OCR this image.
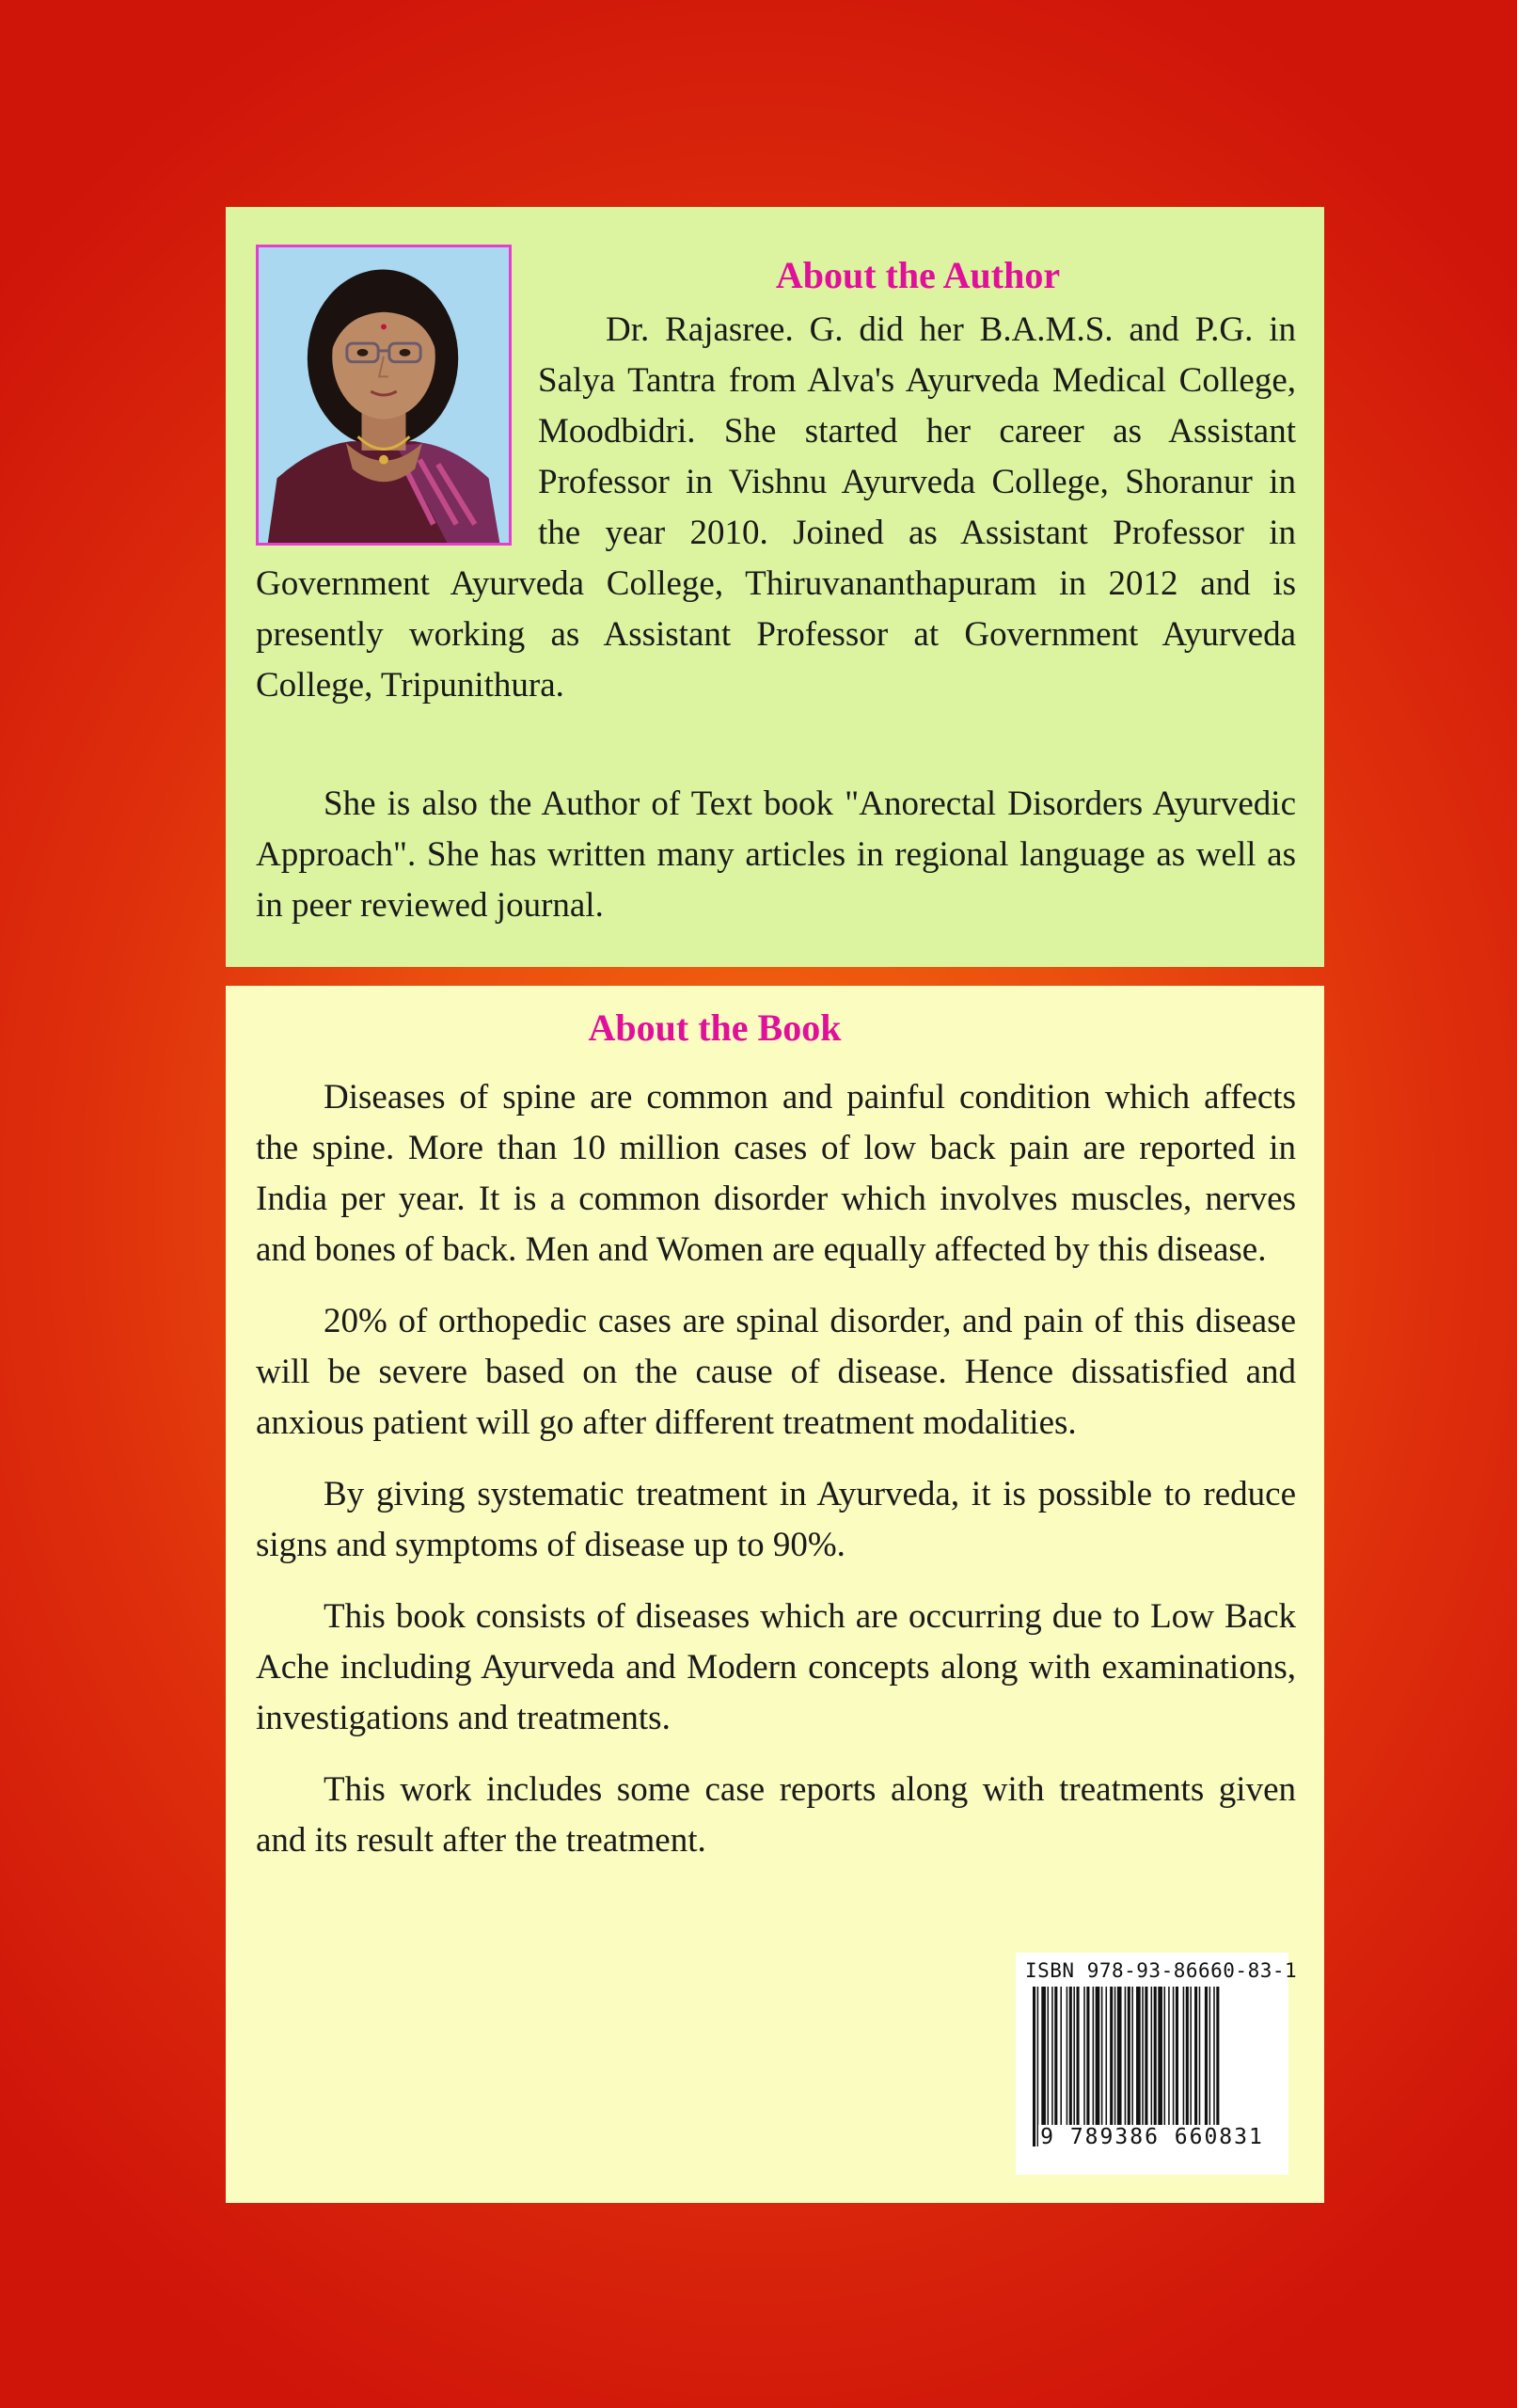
About the Author

Dr. Rajasree. G. did her B.A.M.S. and P.G. in Salya Tantra from Alva's Ayurveda Medical College, Moodbidri. She started her career as Assistant Professor in Vishnu Ayurveda College, Shoranur in the year 2010. Joined as Assistant Professor in Government Ayurveda College, Thiruvananthapuram in 2012 and is presently working as Assistant Professor at Government Ayurveda College, Tripunithura.

She is also the Author of Text book "Anorectal Disorders Ayurvedic Approach". She has written many articles in regional language as well as in peer reviewed journal.

About the Book

Diseases of spine are common and painful condition which affects the spine. More than 10 million cases of low back pain are reported in India per year. It is a common disorder which involves muscles, nerves and bones of back. Men and Women are equally affected by this disease.

20% of orthopedic cases are spinal disorder, and pain of this disease will be severe based on the cause of disease. Hence dissatisfied and anxious patient will go after different treatment modalities.

By giving systematic treatment in Ayurveda, it is possible to reduce signs and symptoms of disease up to 90%.

This book consists of diseases which are occurring due to Low Back Ache including Ayurveda and Modern concepts along with examinations, investigations and treatments.

This work includes some case reports along with treatments given and its result after the treatment.

ISBN 978-93-86660-83-1
9 789386 660831
